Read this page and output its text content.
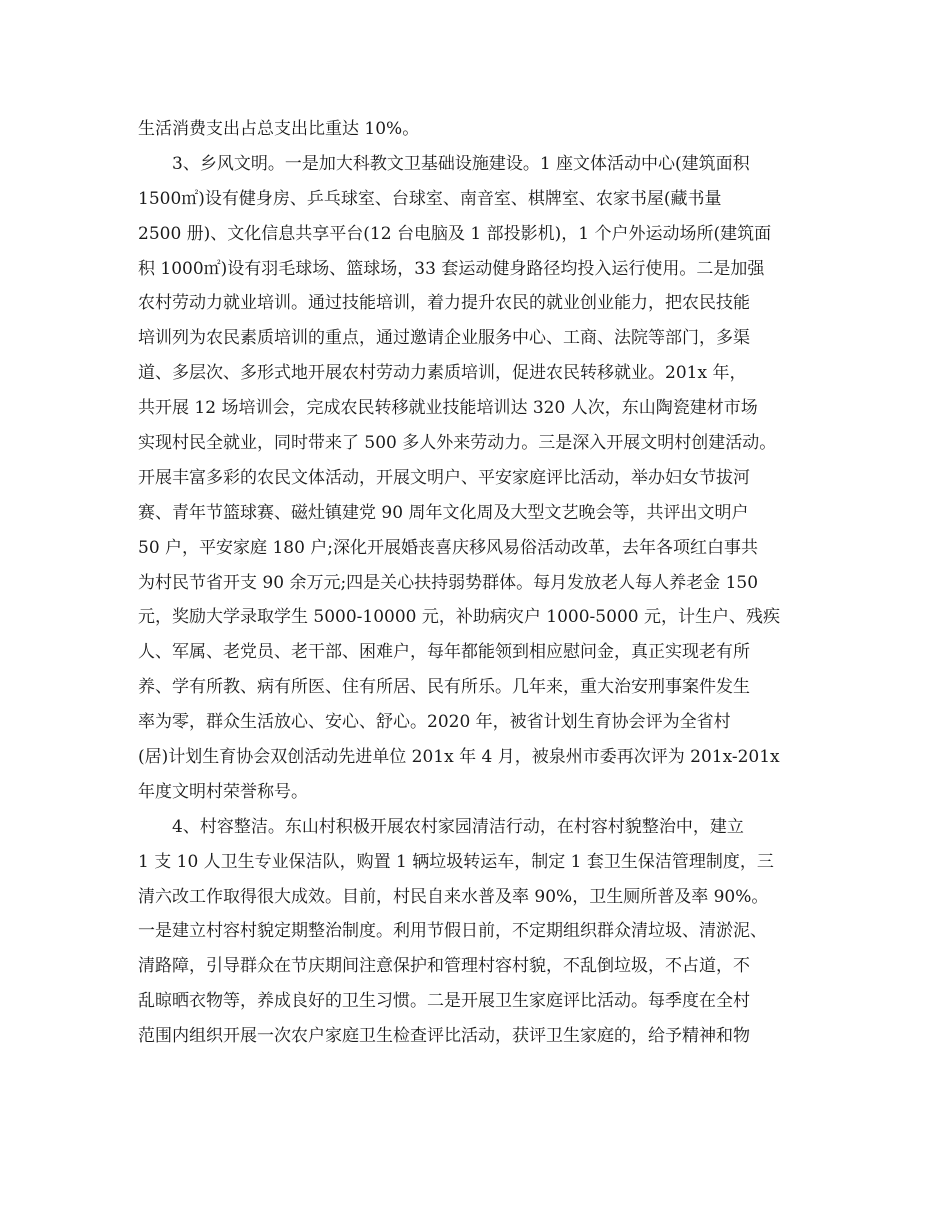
生活消费支出占总支出比重达 10%。
3、乡风文明。一是加大科教文卫基础设施建设。1 座文体活动中心(建筑面积
1500㎡)设有健身房、乒乓球室、台球室、南音室、棋牌室、农家书屋(藏书量
2500 册)、文化信息共享平台(12 台电脑及 1 部投影机)，1 个户外运动场所(建筑面
积 1000㎡)设有羽毛球场、篮球场，33 套运动健身路径均投入运行使用。二是加强
农村劳动力就业培训。通过技能培训，着力提升农民的就业创业能力，把农民技能
培训列为农民素质培训的重点，通过邀请企业服务中心、工商、法院等部门，多渠
道、多层次、多形式地开展农村劳动力素质培训，促进农民转移就业。201x 年，
共开展 12 场培训会，完成农民转移就业技能培训达 320 人次，东山陶瓷建材市场
实现村民全就业，同时带来了 500 多人外来劳动力。三是深入开展文明村创建活动。
开展丰富多彩的农民文体活动，开展文明户、平安家庭评比活动，举办妇女节拔河
赛、青年节篮球赛、磁灶镇建党 90 周年文化周及大型文艺晚会等，共评出文明户
50 户，平安家庭 180 户;深化开展婚丧喜庆移风易俗活动改革，去年各项红白事共
为村民节省开支 90 余万元;四是关心扶持弱势群体。每月发放老人每人养老金 150
元，奖励大学录取学生 5000-10000 元，补助病灾户 1000-5000 元，计生户、残疾
人、军属、老党员、老干部、困难户，每年都能领到相应慰问金，真正实现老有所
养、学有所教、病有所医、住有所居、民有所乐。几年来，重大治安刑事案件发生
率为零，群众生活放心、安心、舒心。2020 年，被省计划生育协会评为全省村
(居)计划生育协会双创活动先进单位 201x 年 4 月，被泉州市委再次评为 201x-201x
年度文明村荣誉称号。
4、村容整洁。东山村积极开展农村家园清洁行动，在村容村貌整治中，建立
1 支 10 人卫生专业保洁队，购置 1 辆垃圾转运车，制定 1 套卫生保洁管理制度，三
清六改工作取得很大成效。目前，村民自来水普及率 90%，卫生厕所普及率 90%。
一是建立村容村貌定期整治制度。利用节假日前，不定期组织群众清垃圾、清淤泥、
清路障，引导群众在节庆期间注意保护和管理村容村貌，不乱倒垃圾，不占道，不
乱晾晒衣物等，养成良好的卫生习惯。二是开展卫生家庭评比活动。每季度在全村
范围内组织开展一次农户家庭卫生检查评比活动，获评卫生家庭的，给予精神和物
